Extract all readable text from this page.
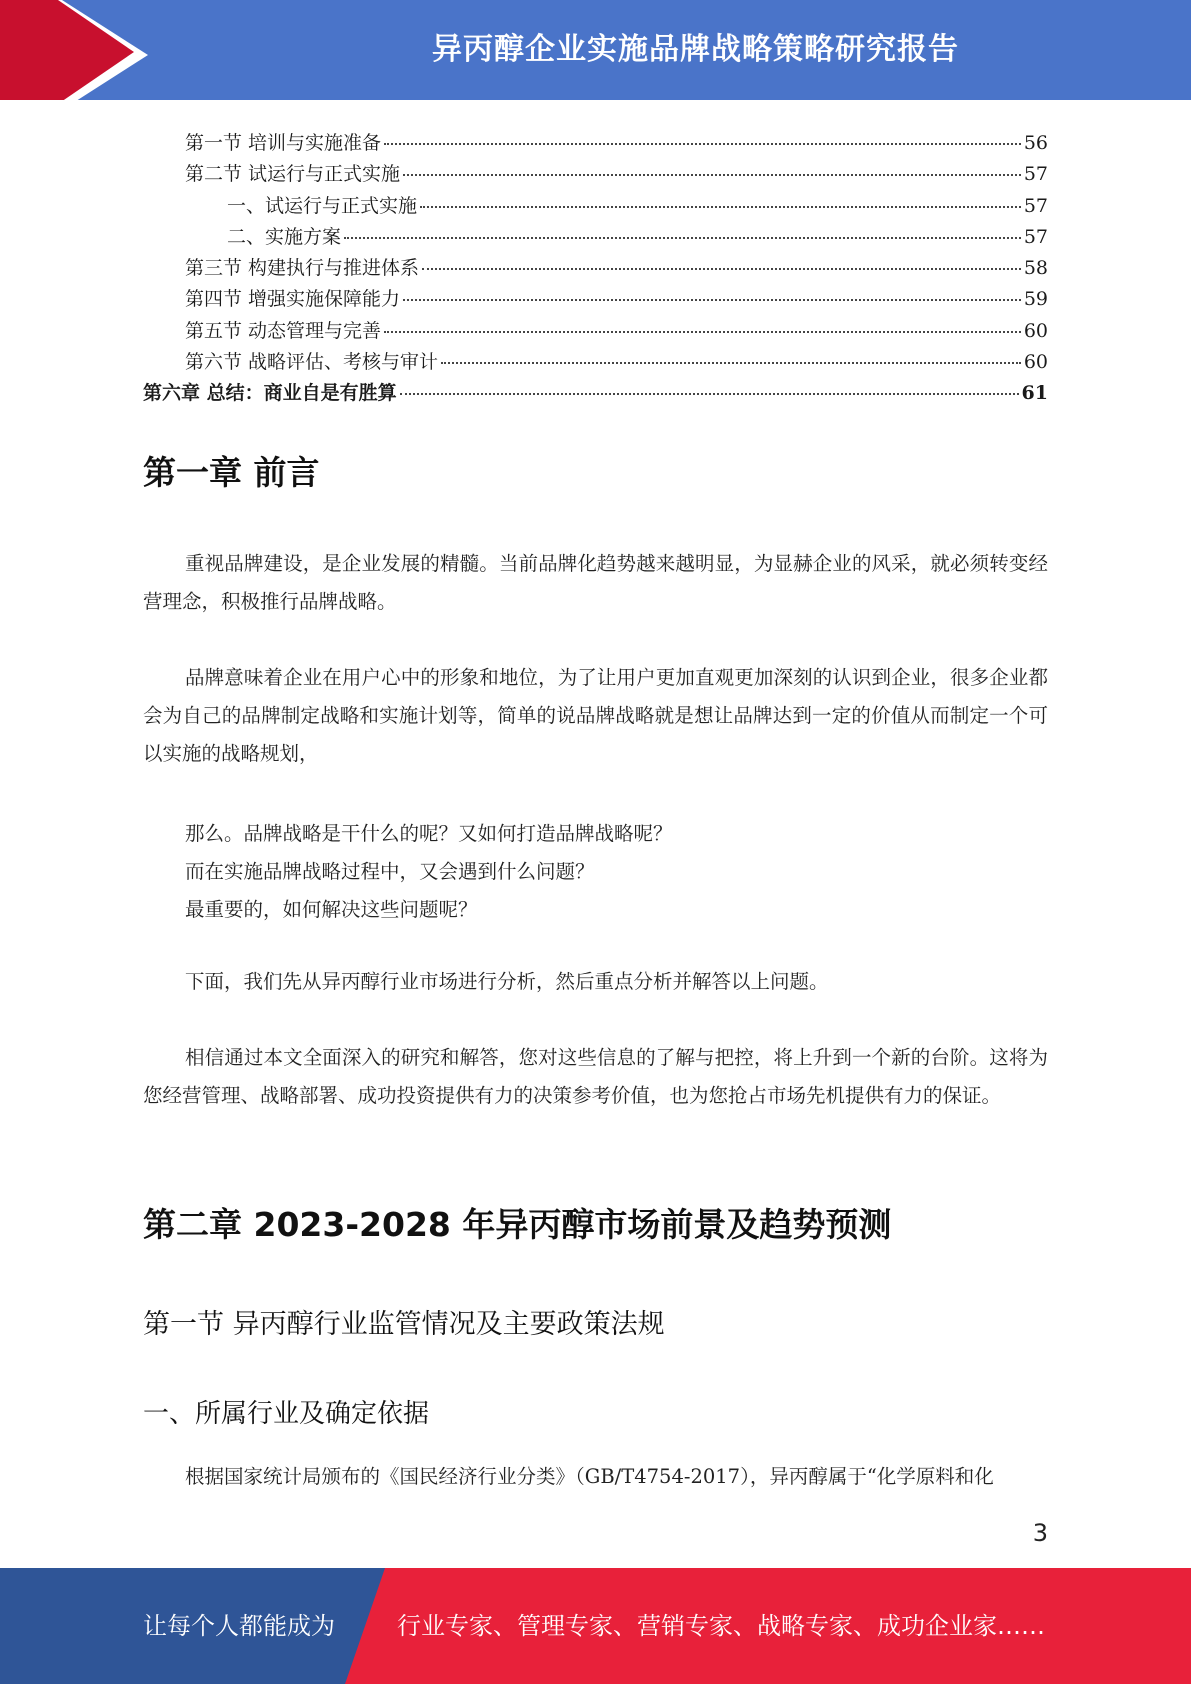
异丙醇企业实施品牌战略策略研究报告
第一节 培训与实施准备	56
第二节 试运行与正式实施	57
一、试运行与正式实施	57
二、实施方案	57
第三节 构建执行与推进体系	58
第四节 增强实施保障能力	59
第五节 动态管理与完善	60
第六节 战略评估、考核与审计	60
第六章 总结：商业自是有胜算	61
第一章 前言

重视品牌建设，是企业发展的精髓。当前品牌化趋势越来越明显，为显赫企业的风采，就必须转变经营理念，积极推行品牌战略。

品牌意味着企业在用户心中的形象和地位，为了让用户更加直观更加深刻的认识到企业，很多企业都会为自己的品牌制定战略和实施计划等，简单的说品牌战略就是想让品牌达到一定的价值从而制定一个可以实施的战略规划，

那么。品牌战略是干什么的呢？又如何打造品牌战略呢？
而在实施品牌战略过程中，又会遇到什么问题？
最重要的，如何解决这些问题呢？

下面，我们先从异丙醇行业市场进行分析，然后重点分析并解答以上问题。

相信通过本文全面深入的研究和解答，您对这些信息的了解与把控，将上升到一个新的台阶。这将为您经营管理、战略部署、成功投资提供有力的决策参考价值，也为您抢占市场先机提供有力的保证。

第二章 2023-2028 年异丙醇市场前景及趋势预测
第一节 异丙醇行业监管情况及主要政策法规
一、所属行业及确定依据

根据国家统计局颁布的《国民经济行业分类》（GB/T4754-2017），异丙醇属于“化学原料和化

3
让每个人都能成为	行业专家、管理专家、营销专家、战略专家、成功企业家……
